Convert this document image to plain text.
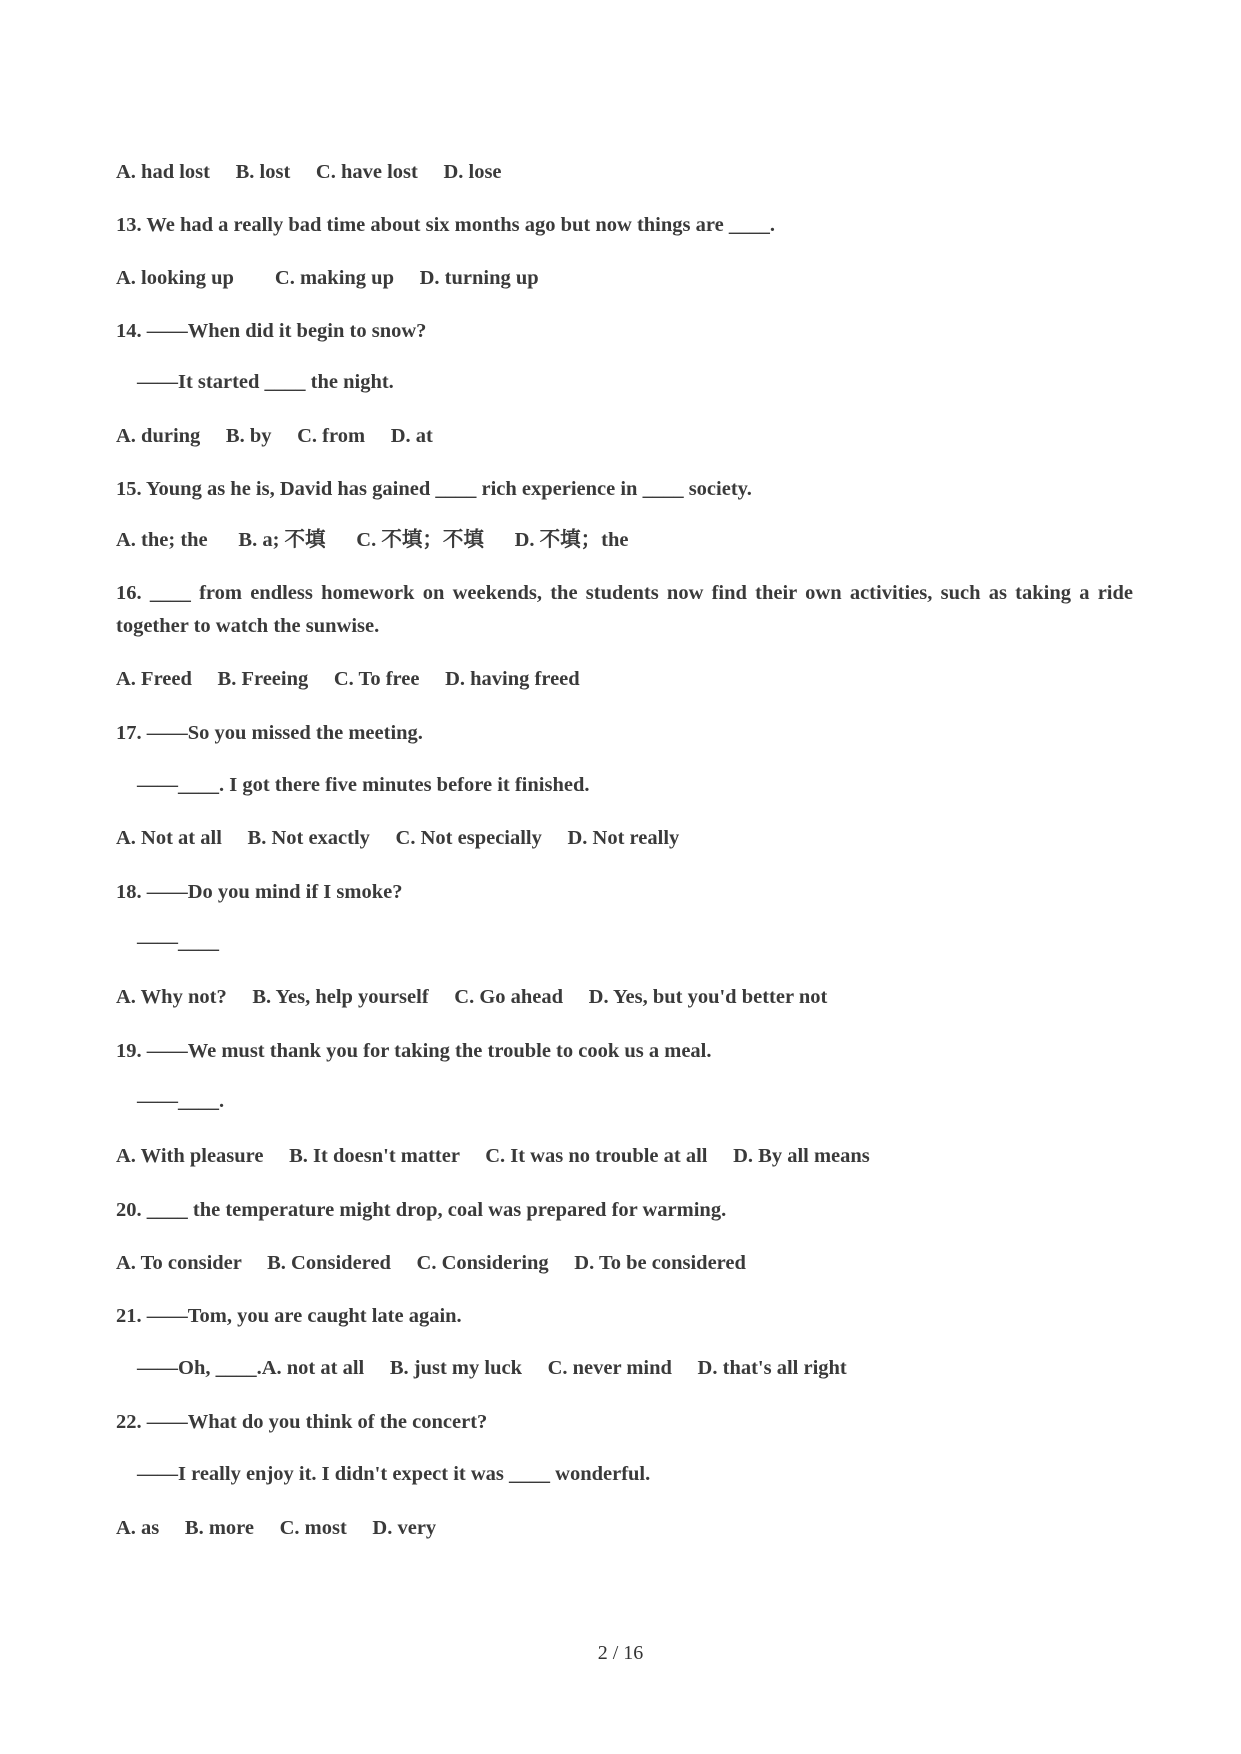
A. had lost     B. lost     C. have lost     D. lose

13. We had a really bad time about six months ago but now things are ____.

A. looking up        C. making up     D. turning up

14. ——When did it begin to snow?

——It started ____ the night.

A. during     B. by     C. from     D. at

15. Young as he is, David has gained ____ rich experience in ____ society.

A. the; the      B. a; 不填      C. 不填；不填      D. 不填；the

16. ____ from endless homework on weekends, the students now find their own activities, such as taking a ride together to watch the sunwise.

A. Freed     B. Freeing     C. To free     D. having freed

17. ——So you missed the meeting.

——____. I got there five minutes before it finished.

A. Not at all     B. Not exactly     C. Not especially     D. Not really

18. ——Do you mind if I smoke?

——____

A. Why not?     B. Yes, help yourself     C. Go ahead     D. Yes, but you'd better not

19. ——We must thank you for taking the trouble to cook us a meal.

——____.

A. With pleasure     B. It doesn't matter     C. It was no trouble at all     D. By all means

20. ____ the temperature might drop, coal was prepared for warming.

A. To consider     B. Considered     C. Considering     D. To be considered

21. ——Tom, you are caught late again.

——Oh, ____.A. not at all     B. just my luck     C. never mind     D. that's all right

22. ——What do you think of the concert?

——I really enjoy it. I didn't expect it was ____ wonderful.

A. as     B. more     C. most     D. very

2 / 16
